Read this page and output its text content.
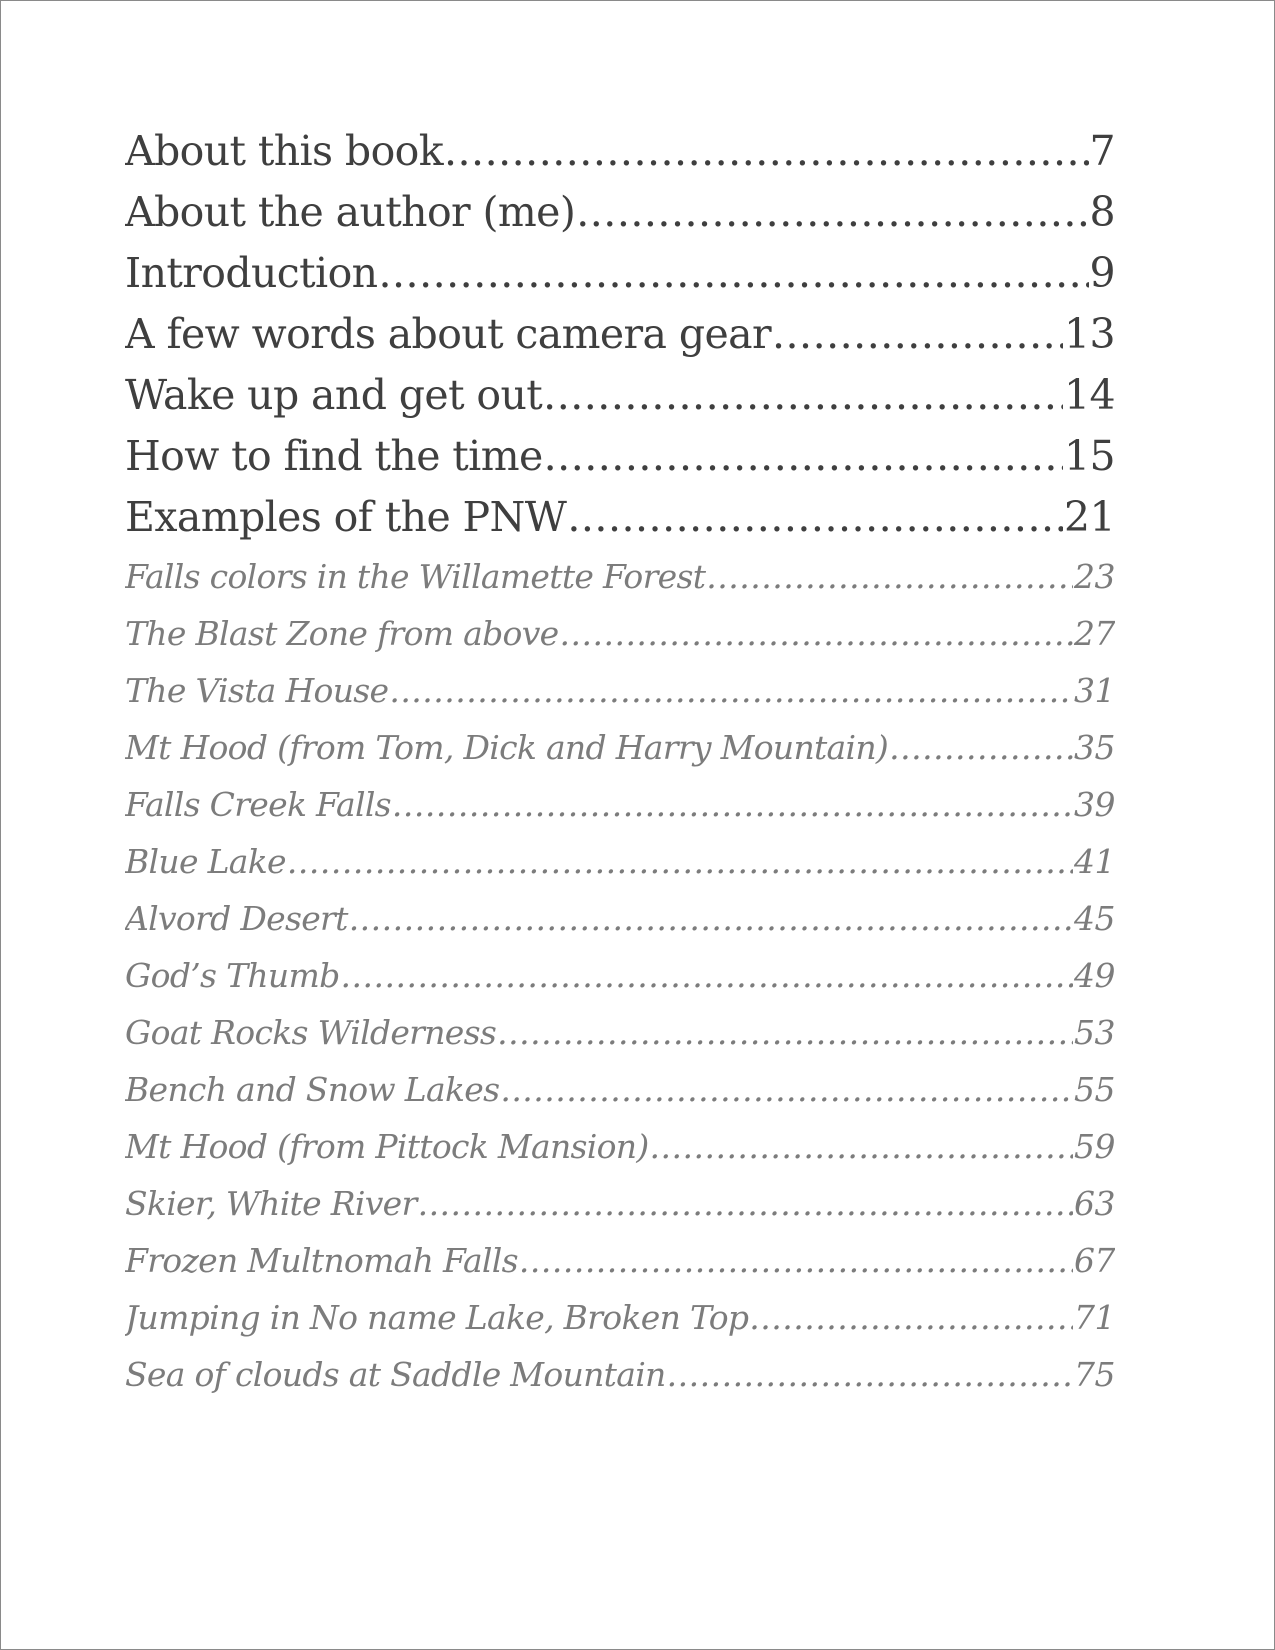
About this book .....	7
About the author (me) .....	8
Introduction .....	9
A few words about camera gear .....	13
Wake up and get out .....	14
How to find the time .....	15
Examples of the PNW .....	21
Falls colors in the Willamette Forest .....	23
The Blast Zone from above .....	27
The Vista House .....	31
Mt Hood (from Tom, Dick and Harry Mountain) .....	35
Falls Creek Falls .....	39
Blue Lake .....	41
Alvord Desert .....	45
God’s Thumb .....	49
Goat Rocks Wilderness .....	53
Bench and Snow Lakes .....	55
Mt Hood (from Pittock Mansion) .....	59
Skier, White River .....	63
Frozen Multnomah Falls .....	67
Jumping in No name Lake, Broken Top .....	71
Sea of clouds at Saddle Mountain .....	75
